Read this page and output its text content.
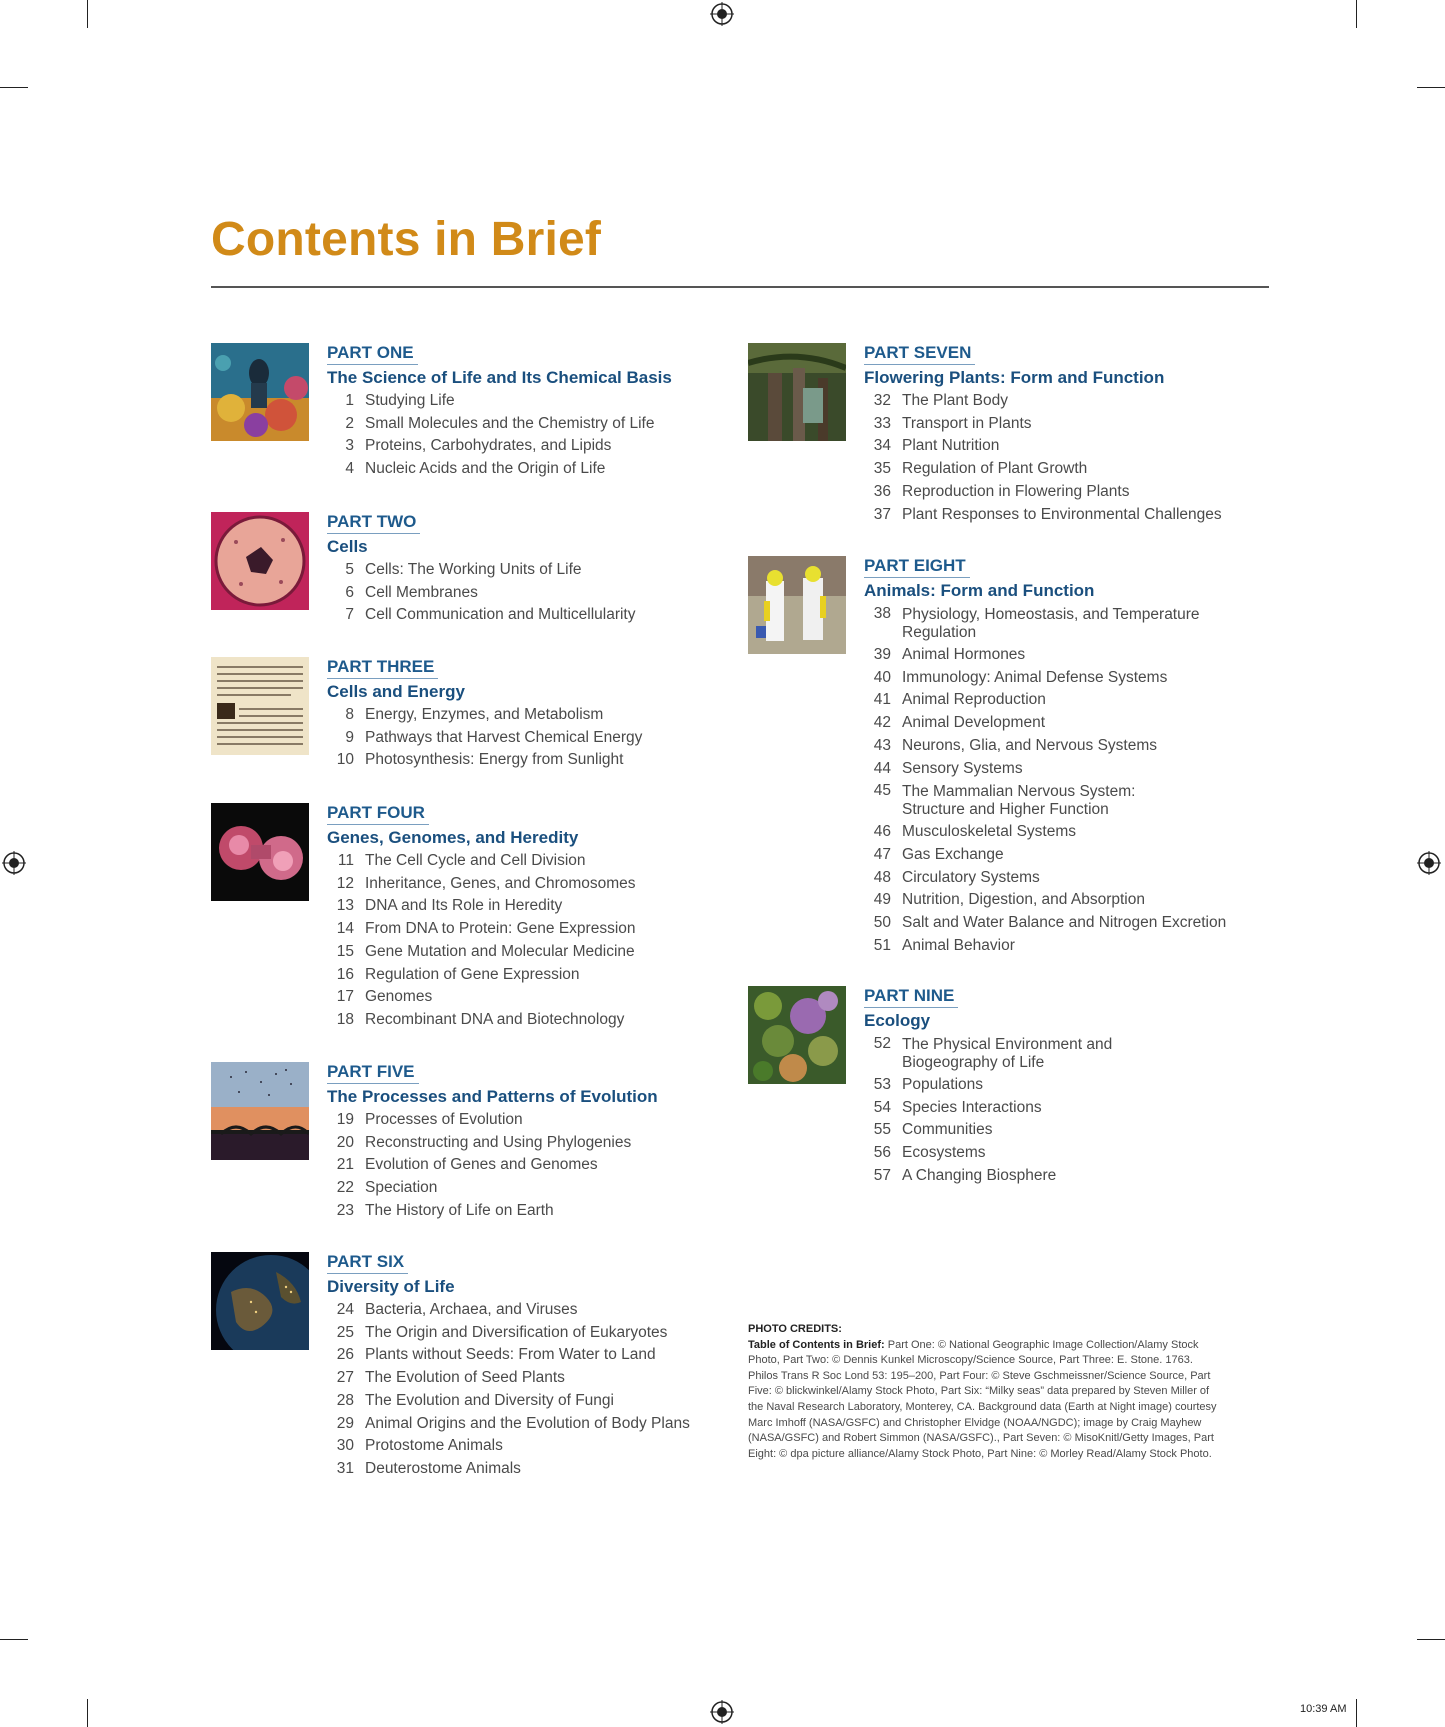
Contents in Brief
PART ONE
The Science of Life and Its Chemical Basis
1 Studying Life
2 Small Molecules and the Chemistry of Life
3 Proteins, Carbohydrates, and Lipids
4 Nucleic Acids and the Origin of Life
PART TWO
Cells
5 Cells: The Working Units of Life
6 Cell Membranes
7 Cell Communication and Multicellularity
PART THREE
Cells and Energy
8 Energy, Enzymes, and Metabolism
9 Pathways that Harvest Chemical Energy
10 Photosynthesis: Energy from Sunlight
PART FOUR
Genes, Genomes, and Heredity
11 The Cell Cycle and Cell Division
12 Inheritance, Genes, and Chromosomes
13 DNA and Its Role in Heredity
14 From DNA to Protein: Gene Expression
15 Gene Mutation and Molecular Medicine
16 Regulation of Gene Expression
17 Genomes
18 Recombinant DNA and Biotechnology
PART FIVE
The Processes and Patterns of Evolution
19 Processes of Evolution
20 Reconstructing and Using Phylogenies
21 Evolution of Genes and Genomes
22 Speciation
23 The History of Life on Earth
PART SIX
Diversity of Life
24 Bacteria, Archaea, and Viruses
25 The Origin and Diversification of Eukaryotes
26 Plants without Seeds: From Water to Land
27 The Evolution of Seed Plants
28 The Evolution and Diversity of Fungi
29 Animal Origins and the Evolution of Body Plans
30 Protostome Animals
31 Deuterostome Animals
PART SEVEN
Flowering Plants: Form and Function
32 The Plant Body
33 Transport in Plants
34 Plant Nutrition
35 Regulation of Plant Growth
36 Reproduction in Flowering Plants
37 Plant Responses to Environmental Challenges
PART EIGHT
Animals: Form and Function
38 Physiology, Homeostasis, and Temperature Regulation
39 Animal Hormones
40 Immunology: Animal Defense Systems
41 Animal Reproduction
42 Animal Development
43 Neurons, Glia, and Nervous Systems
44 Sensory Systems
45 The Mammalian Nervous System: Structure and Higher Function
46 Musculoskeletal Systems
47 Gas Exchange
48 Circulatory Systems
49 Nutrition, Digestion, and Absorption
50 Salt and Water Balance and Nitrogen Excretion
51 Animal Behavior
PART NINE
Ecology
52 The Physical Environment and Biogeography of Life
53 Populations
54 Species Interactions
55 Communities
56 Ecosystems
57 A Changing Biosphere
PHOTO CREDITS:
Table of Contents in Brief: Part One: © National Geographic Image Collection/Alamy Stock Photo, Part Two: © Dennis Kunkel Microscopy/Science Source, Part Three: E. Stone. 1763. Philos Trans R Soc Lond 53: 195–200, Part Four: © Steve Gschmeissner/Science Source, Part Five: © blickwinkel/Alamy Stock Photo, Part Six: “Milky seas” data prepared by Steven Miller of the Naval Research Laboratory, Monterey, CA. Background data (Earth at Night image) courtesy Marc Imhoff (NASA/GSFC) and Christopher Elvidge (NOAA/NGDC); image by Craig Mayhew (NASA/GSFC) and Robert Simmon (NASA/GSFC)., Part Seven: © MisoKnitl/Getty Images, Part Eight: © dpa picture alliance/Alamy Stock Photo, Part Nine: © Morley Read/Alamy Stock Photo.
10:39 AM
